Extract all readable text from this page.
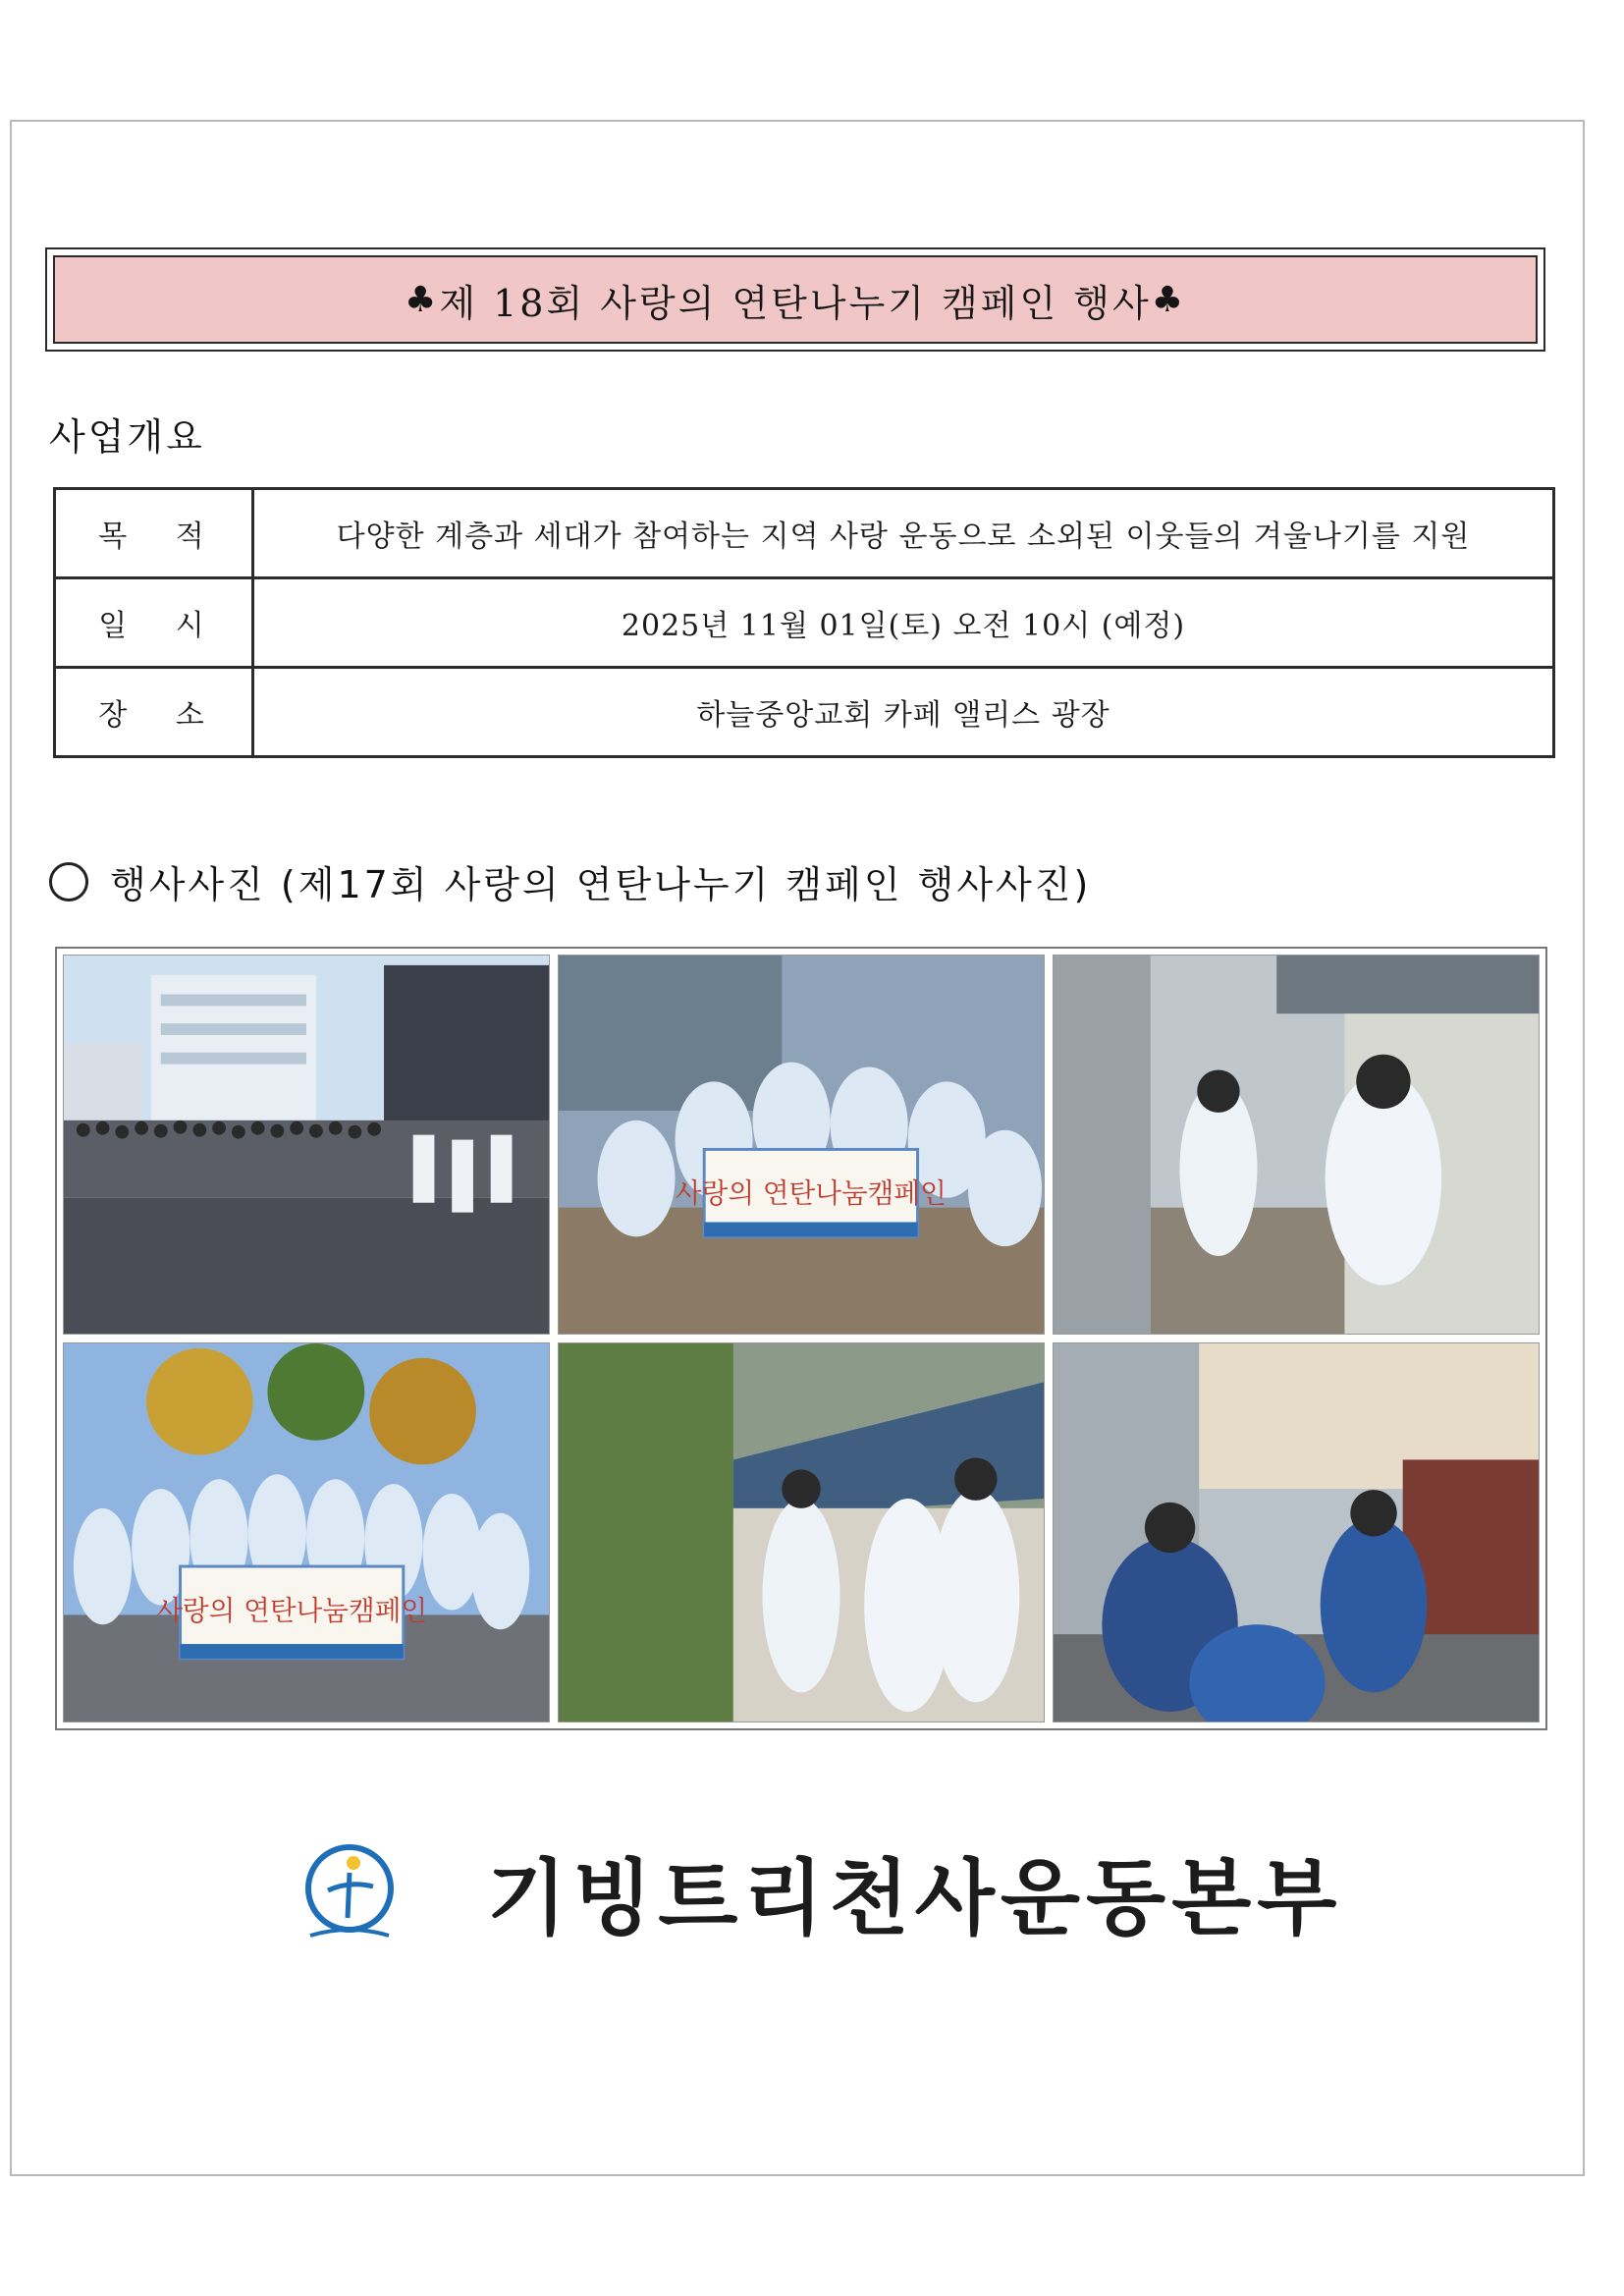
♣ 제 18회 사랑의 연탄나누기 캠페인 행사 ♣
사업개요
목 적	다양한 계층과 세대가 참여하는 지역 사랑 운동으로 소외된 이웃들의 겨울나기를 지원
일 시	2025년 11월 01일(토) 오전 10시 (예정)
장 소	하늘중앙교회 카페 앨리스 광장
행사사진 (제17회 사랑의 연탄나누기 캠페인 행사사진)
사랑의 연탄나눔캠페인
사랑의 연탄나눔캠페인
기빙트리천사운동본부
